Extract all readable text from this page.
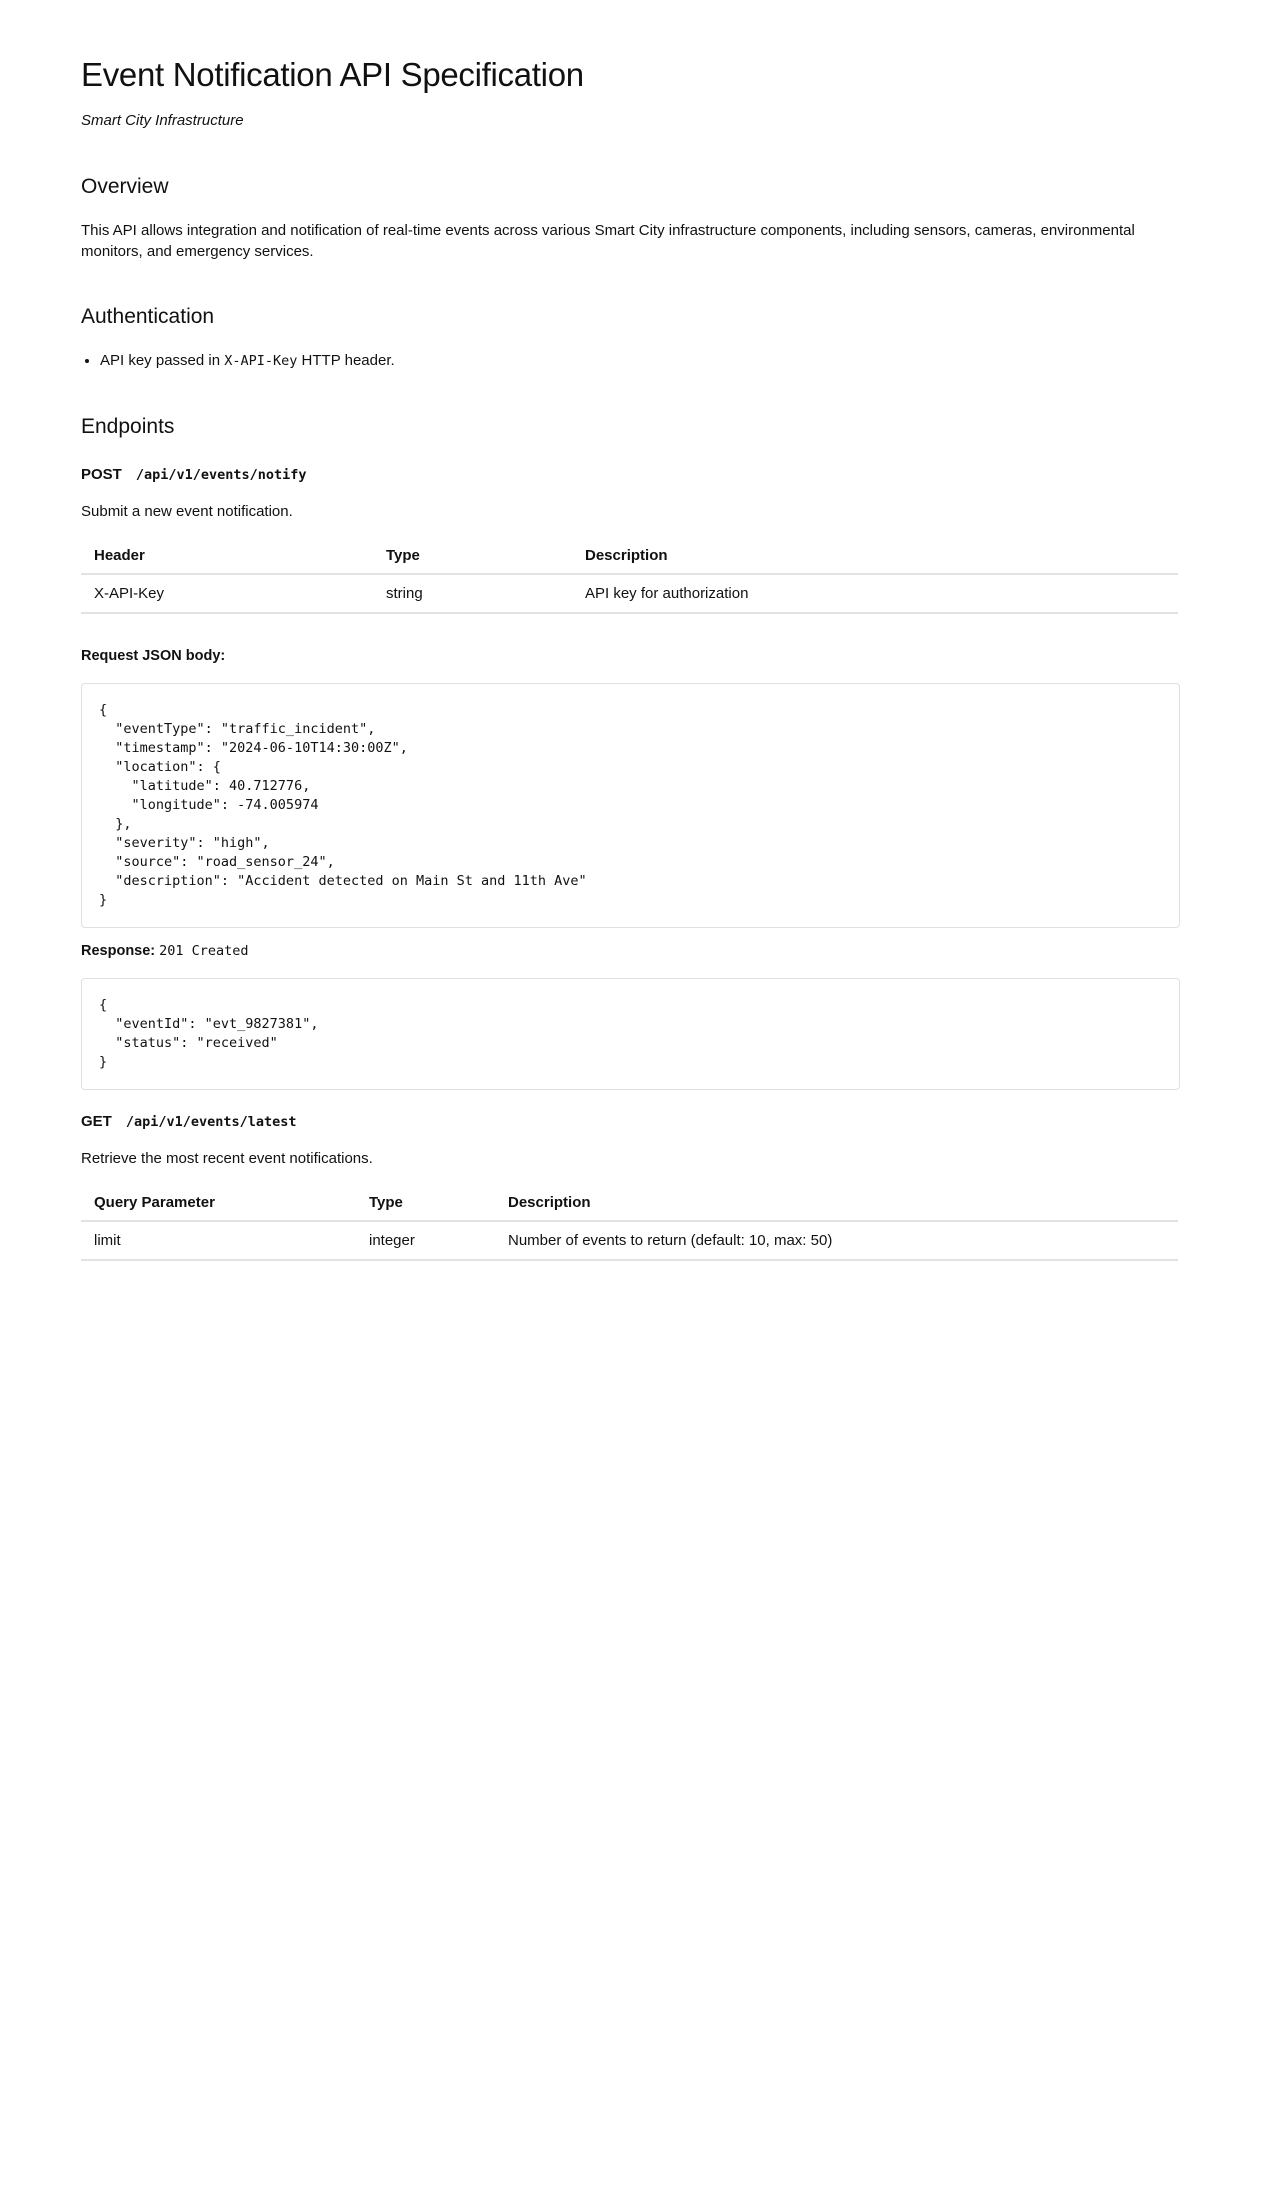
Event Notification API Specification
Smart City Infrastructure
Overview
This API allows integration and notification of real-time events across various Smart City infrastructure components, including sensors, cameras, environmental monitors, and emergency services.
Authentication
• API key passed in X-API-Key HTTP header.
Endpoints
POST /api/v1/events/notify
Submit a new event notification.
Header	Type	Description
X-API-Key	string	API key for authorization
Request JSON body:
{
"eventType": "traffic_incident",
"timestamp": "2024-06-10T14:30:00Z",
"location": {
"latitude": 40.712776,
"longitude": -74.005974
},
"severity": "high",
"source": "road_sensor_24",
"description": "Accident detected on Main St and 11th Ave"
}
Response: 201 Created
{
"eventId": "evt_9827381",
"status": "received"
}
GET /api/v1/events/latest
Retrieve the most recent event notifications.
Query Parameter	Type	Description
limit	integer	Number of events to return (default: 10, max: 50)
